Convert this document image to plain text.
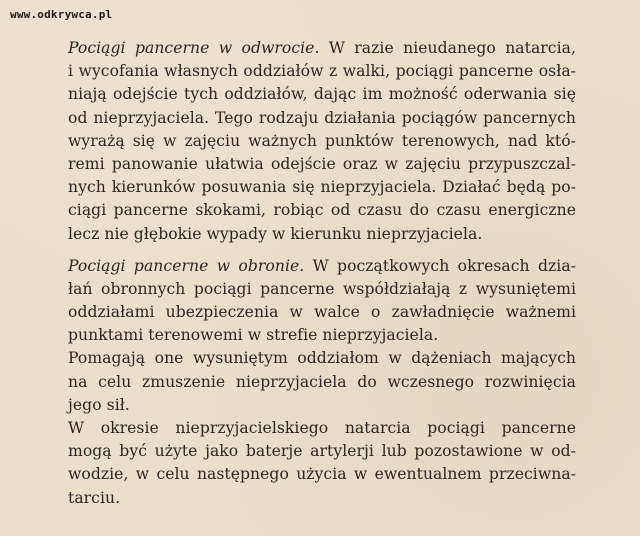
www.odkrywca.pl
Pociągi pancerne w odwrocie. W razie nieudanego natarcia,
i wycofania własnych oddziałów z walki, pociągi pancerne osła-
niają odejście tych oddziałów, dając im możność oderwania się
od nieprzyjaciela. Tego rodzaju działania pociągów pancernych
wyrażą się w zajęciu ważnych punktów terenowych, nad któ-
remi panowanie ułatwia odejście oraz w zajęciu przypuszczal-
nych kierunków posuwania się nieprzyjaciela. Działać będą po-
ciągi pancerne skokami, robiąc od czasu do czasu energiczne
lecz nie głębokie wypady w kierunku nieprzyjaciela.
Pociągi pancerne w obronie. W początkowych okresach dzia-
łań obronnych pociągi pancerne współdziałają z wysuniętemi
oddziałami ubezpieczenia w walce o zawładnięcie ważnemi
punktami terenowemi w strefie nieprzyjaciela.
Pomagają one wysuniętym oddziałom w dążeniach mających
na celu zmuszenie nieprzyjaciela do wczesnego rozwinięcia
jego sił.
W okresie nieprzyjacielskiego natarcia pociągi pancerne
mogą być użyte jako baterje artylerji lub pozostawione w od-
wodzie, w celu następnego użycia w ewentualnem przeciwna-
tarciu.
